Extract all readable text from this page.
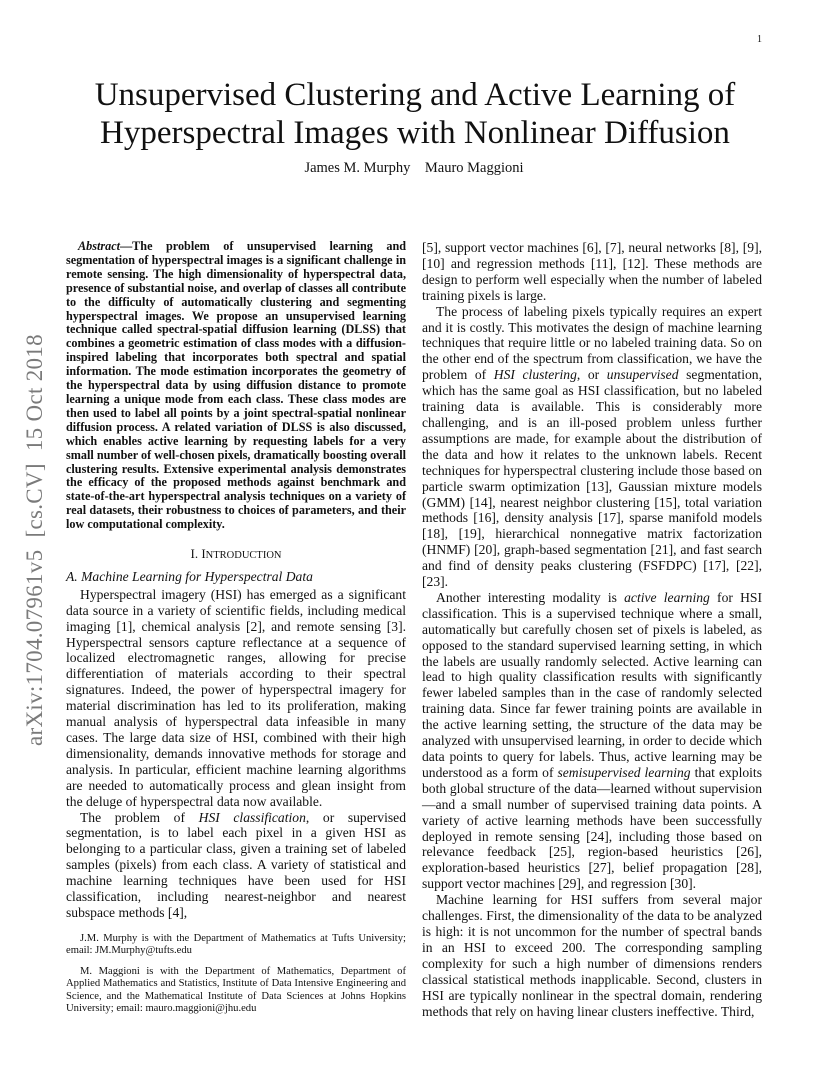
1
Unsupervised Clustering and Active Learning of Hyperspectral Images with Nonlinear Diffusion
James M. Murphy    Mauro Maggioni
arXiv:1704.07961v5  [cs.CV]  15 Oct 2018

Abstract—The problem of unsupervised learning and segmentation of hyperspectral images is a significant challenge in remote sensing. The high dimensionality of hyperspectral data, presence of substantial noise, and overlap of classes all contribute to the difficulty of automatically clustering and segmenting hyperspectral images. We propose an unsupervised learning technique called spectral-spatial diffusion learning (DLSS) that combines a geometric estimation of class modes with a diffusion-inspired labeling that incorporates both spectral and spatial information. The mode estimation incorporates the geometry of the hyperspectral data by using diffusion distance to promote learning a unique mode from each class. These class modes are then used to label all points by a joint spectral-spatial nonlinear diffusion process. A related variation of DLSS is also discussed, which enables active learning by requesting labels for a very small number of well-chosen pixels, dramatically boosting overall clustering results. Extensive experimental analysis demonstrates the efficacy of the proposed methods against benchmark and state-of-the-art hyperspectral analysis techniques on a variety of real datasets, their robustness to choices of parameters, and their low computational complexity.

I. INTRODUCTION
A. Machine Learning for Hyperspectral Data

Hyperspectral imagery (HSI) has emerged as a significant data source in a variety of scientific fields, including medical imaging [1], chemical analysis [2], and remote sensing [3]. Hyperspectral sensors capture reflectance at a sequence of localized electromagnetic ranges, allowing for precise differentiation of materials according to their spectral signatures. Indeed, the power of hyperspectral imagery for material discrimination has led to its proliferation, making manual analysis of hyperspectral data infeasible in many cases. The large data size of HSI, combined with their high dimensionality, demands innovative methods for storage and analysis. In particular, efficient machine learning algorithms are needed to automatically process and glean insight from the deluge of hyperspectral data now available.

The problem of HSI classification, or supervised segmentation, is to label each pixel in a given HSI as belonging to a particular class, given a training set of labeled samples (pixels) from each class. A variety of statistical and machine learning techniques have been used for HSI classification, including nearest-neighbor and nearest subspace methods [4],

J.M. Murphy is with the Department of Mathematics at Tufts University; email: JM.Murphy@tufts.edu

M. Maggioni is with the Department of Mathematics, Department of Applied Mathematics and Statistics, Institute of Data Intensive Engineering and Science, and the Mathematical Institute of Data Sciences at Johns Hopkins University; email: mauro.maggioni@jhu.edu

[5], support vector machines [6], [7], neural networks [8], [9], [10] and regression methods [11], [12]. These methods are design to perform well especially when the number of labeled training pixels is large.

The process of labeling pixels typically requires an expert and it is costly. This motivates the design of machine learning techniques that require little or no labeled training data. So on the other end of the spectrum from classification, we have the problem of HSI clustering, or unsupervised segmentation, which has the same goal as HSI classification, but no labeled training data is available. This is considerably more challenging, and is an ill-posed problem unless further assumptions are made, for example about the distribution of the data and how it relates to the unknown labels. Recent techniques for hyperspectral clustering include those based on particle swarm optimization [13], Gaussian mixture models (GMM) [14], nearest neighbor clustering [15], total variation methods [16], density analysis [17], sparse manifold models [18], [19], hierarchical nonnegative matrix factorization (HNMF) [20], graph-based segmentation [21], and fast search and find of density peaks clustering (FSFDPC) [17], [22], [23].

Another interesting modality is active learning for HSI classification. This is a supervised technique where a small, automatically but carefully chosen set of pixels is labeled, as opposed to the standard supervised learning setting, in which the labels are usually randomly selected. Active learning can lead to high quality classification results with significantly fewer labeled samples than in the case of randomly selected training data. Since far fewer training points are available in the active learning setting, the structure of the data may be analyzed with unsupervised learning, in order to decide which data points to query for labels. Thus, active learning may be understood as a form of semisupervised learning that exploits both global structure of the data—learned without supervision—and a small number of supervised training data points. A variety of active learning methods have been successfully deployed in remote sensing [24], including those based on relevance feedback [25], region-based heuristics [26], exploration-based heuristics [27], belief propagation [28], support vector machines [29], and regression [30].

Machine learning for HSI suffers from several major challenges. First, the dimensionality of the data to be analyzed is high: it is not uncommon for the number of spectral bands in an HSI to exceed 200. The corresponding sampling complexity for such a high number of dimensions renders classical statistical methods inapplicable. Second, clusters in HSI are typically nonlinear in the spectral domain, rendering methods that rely on having linear clusters ineffective. Third,
